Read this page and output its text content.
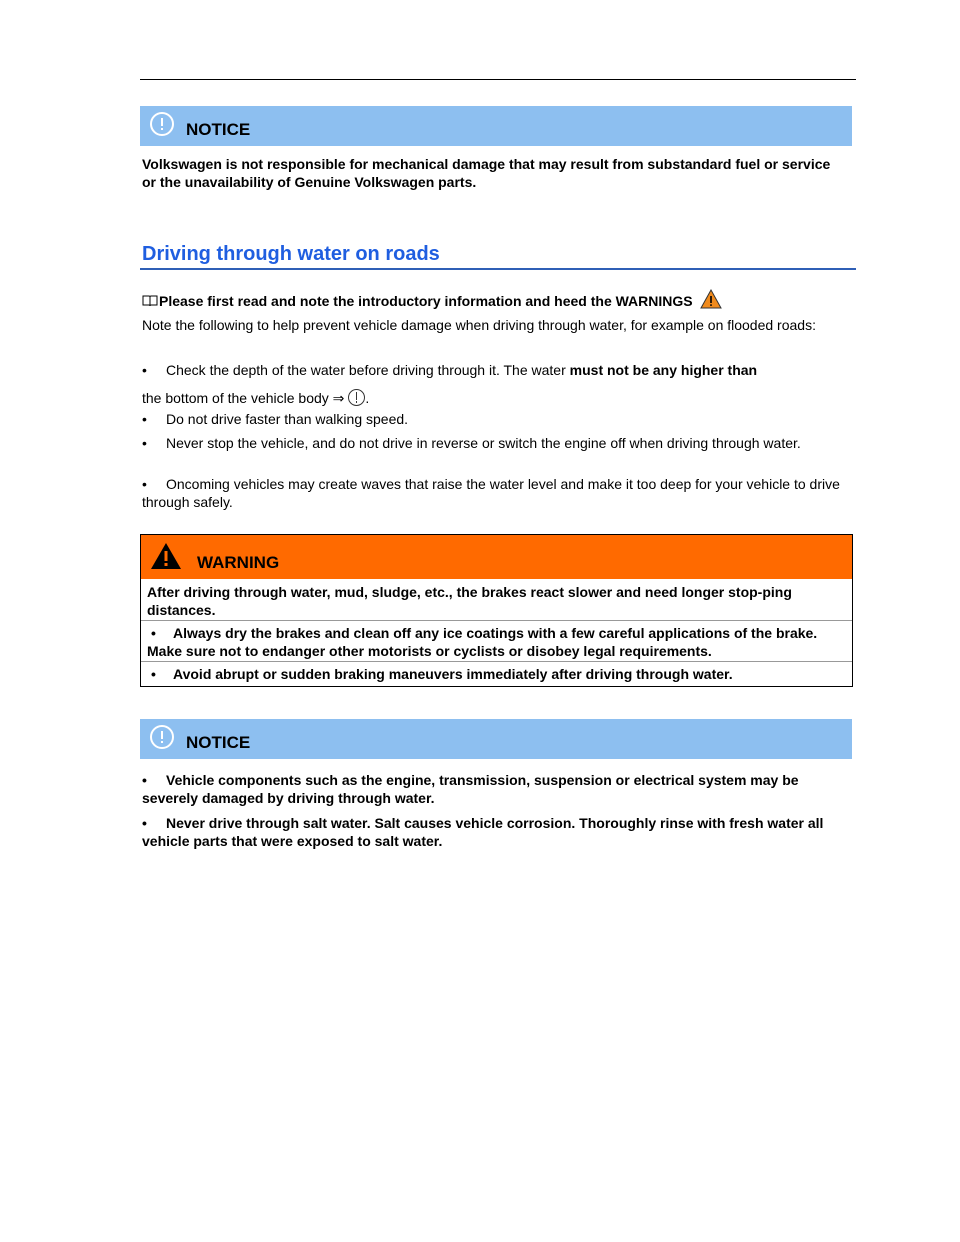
NOTICE
Volkswagen is not responsible for mechanical damage that may result from substandard fuel or service or the unavailability of Genuine Volkswagen parts.
Driving through water on roads
Please first read and note the introductory information and heed the WARNINGS
Note the following to help prevent vehicle damage when driving through water, for example on flooded roads:
•	Check the depth of the water before driving through it. The water must not be any higher than
the bottom of the vehicle body ⇒ .
•	Do not drive faster than walking speed.
•	Never stop the vehicle, and do not drive in reverse or switch the engine off when driving through water.
•	Oncoming vehicles may create waves that raise the water level and make it too deep for your vehicle to drive through safely.
WARNING
After driving through water, mud, sludge, etc., the brakes react slower and need longer stop-ping distances.
•	Always dry the brakes and clean off any ice coatings with a few careful applications of the brake. Make sure not to endanger other motorists or cyclists or disobey legal requirements.
•	Avoid abrupt or sudden braking maneuvers immediately after driving through water.
NOTICE
•	Vehicle components such as the engine, transmission, suspension or electrical system may be severely damaged by driving through water.
•	Never drive through salt water. Salt causes vehicle corrosion. Thoroughly rinse with fresh water all vehicle parts that were exposed to salt water.
